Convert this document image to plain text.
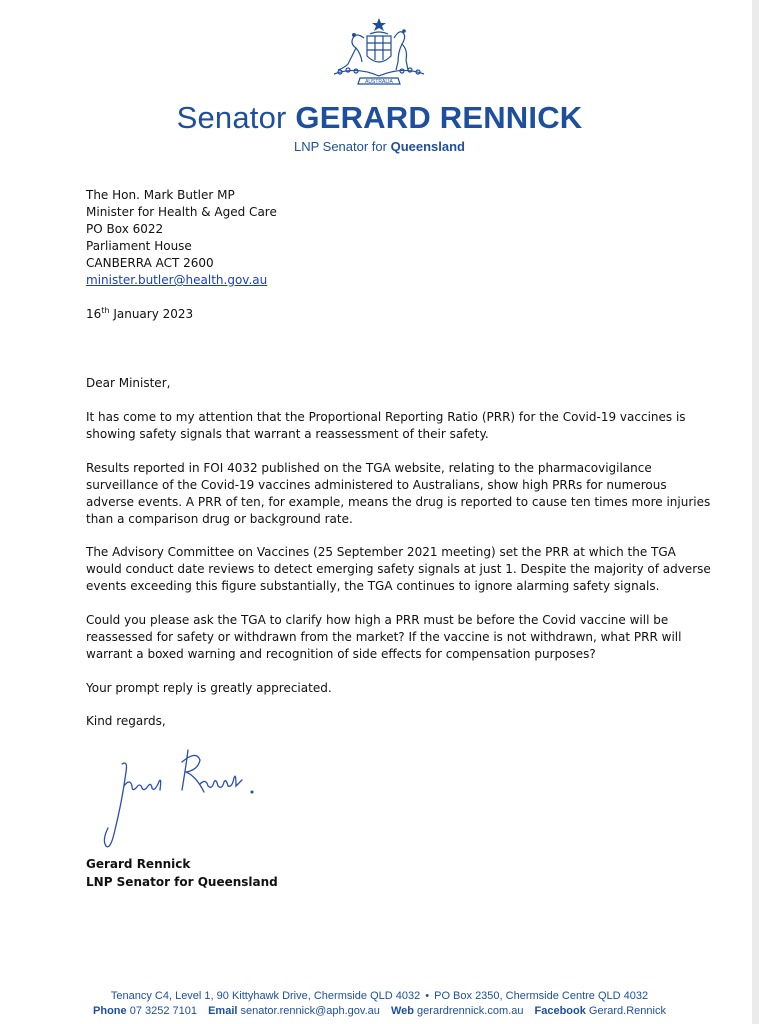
AUSTRALIA
Senator GERARD RENNICK
LNP Senator for Queensland
The Hon. Mark Butler MP
Minister for Health & Aged Care
PO Box 6022
Parliament House
CANBERRA ACT 2600
minister.butler@health.gov.au
16th January 2023
Dear Minister,
It has come to my attention that the Proportional Reporting Ratio (PRR) for the Covid-19 vaccines is
showing safety signals that warrant a reassessment of their safety.
Results reported in FOI 4032 published on the TGA website, relating to the pharmacovigilance
surveillance of the Covid-19 vaccines administered to Australians, show high PRRs for numerous
adverse events. A PRR of ten, for example, means the drug is reported to cause ten times more injuries
than a comparison drug or background rate.
The Advisory Committee on Vaccines (25 September 2021 meeting) set the PRR at which the TGA
would conduct date reviews to detect emerging safety signals at just 1. Despite the majority of adverse
events exceeding this figure substantially, the TGA continues to ignore alarming safety signals.
Could you please ask the TGA to clarify how high a PRR must be before the Covid vaccine will be
reassessed for safety or withdrawn from the market? If the vaccine is not withdrawn, what PRR will
warrant a boxed warning and recognition of side effects for compensation purposes?
Your prompt reply is greatly appreciated.
Kind regards,
Gerard Rennick
LNP Senator for Queensland
Tenancy C4, Level 1, 90 Kittyhawk Drive, Chermside QLD 4032 • PO Box 2350, Chermside Centre QLD 4032
Phone 07 3252 7101 Email senator.rennick@aph.gov.au Web gerardrennick.com.au Facebook Gerard.Rennick
